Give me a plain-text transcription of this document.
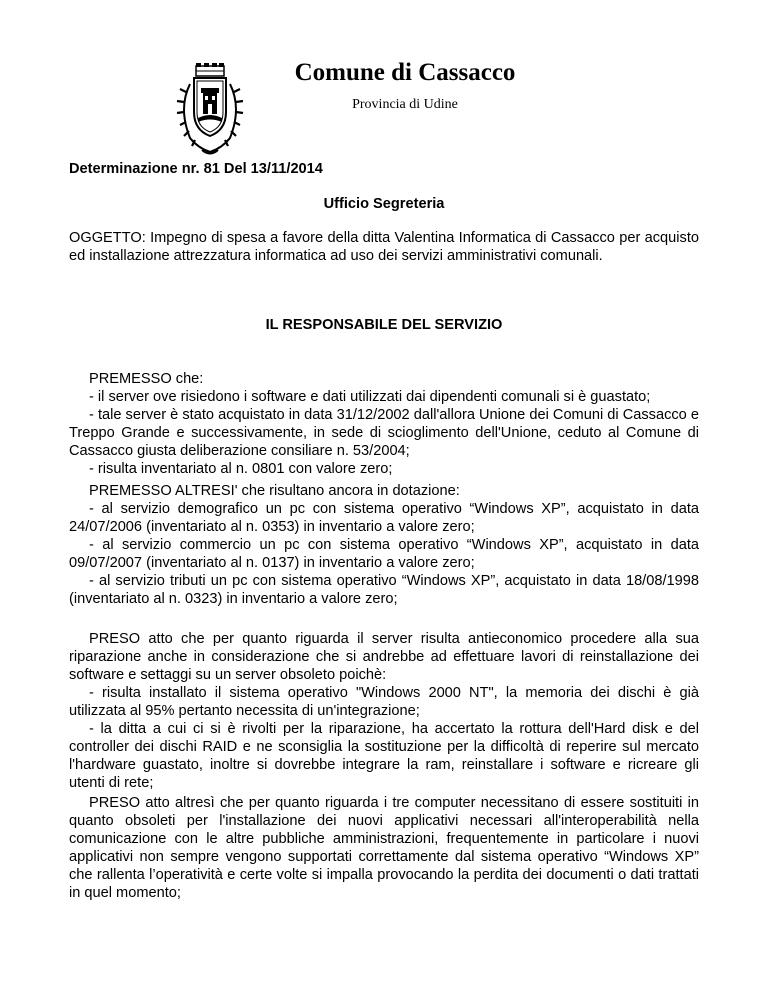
Comune di Cassacco
Provincia di Udine
Determinazione nr. 81 Del 13/11/2014
Ufficio Segreteria
OGGETTO: Impegno di spesa a favore della ditta Valentina Informatica di Cassacco per acquisto ed installazione attrezzatura informatica ad uso dei servizi amministrativi comunali.
IL RESPONSABILE DEL SERVIZIO

PREMESSO che:

- il server ove risiedono i software e dati utilizzati dai dipendenti comunali si è guastato;

- tale server è stato acquistato in data 31/12/2002 dall'allora Unione dei Comuni di Cassacco e Treppo Grande e successivamente, in sede di scioglimento dell'Unione, ceduto al Comune di Cassacco giusta deliberazione consiliare n. 53/2004;

- risulta inventariato al n. 0801 con valore zero;

PREMESSO ALTRESI' che risultano ancora in dotazione:

- al servizio demografico un pc con sistema operativo “Windows XP”, acquistato in data 24/07/2006 (inventariato al n. 0353) in inventario a valore zero;

- al servizio commercio un pc con sistema operativo “Windows XP”, acquistato in data 09/07/2007 (inventariato al n. 0137) in inventario a valore zero;

- al servizio tributi un pc con sistema operativo “Windows XP”, acquistato in data 18/08/1998 (inventariato al n. 0323) in inventario a valore zero;

PRESO atto che per quanto riguarda il server risulta antieconomico procedere alla sua riparazione anche in considerazione che si andrebbe ad effettuare lavori di reinstallazione dei software e settaggi su un server obsoleto poichè:

- risulta installato il sistema operativo "Windows 2000 NT", la memoria dei dischi è già utilizzata al 95% pertanto necessita di un'integrazione;

- la ditta a cui ci si è rivolti per la riparazione, ha accertato la rottura dell'Hard disk e del controller dei dischi RAID e ne sconsiglia la sostituzione per la difficoltà di reperire sul mercato l'hardware guastato, inoltre si dovrebbe integrare la ram, reinstallare i software e ricreare gli utenti di rete;

PRESO atto altresì che per quanto riguarda i tre computer necessitano di essere sostituiti in quanto obsoleti per l'installazione dei nuovi applicativi necessari all'interoperabilità nella comunicazione con le altre pubbliche amministrazioni, frequentemente in particolare i nuovi applicativi non sempre vengono supportati correttamente dal sistema operativo “Windows XP” che rallenta l’operatività e certe volte si impalla provocando la perdita dei documenti o dati trattati in quel momento;
